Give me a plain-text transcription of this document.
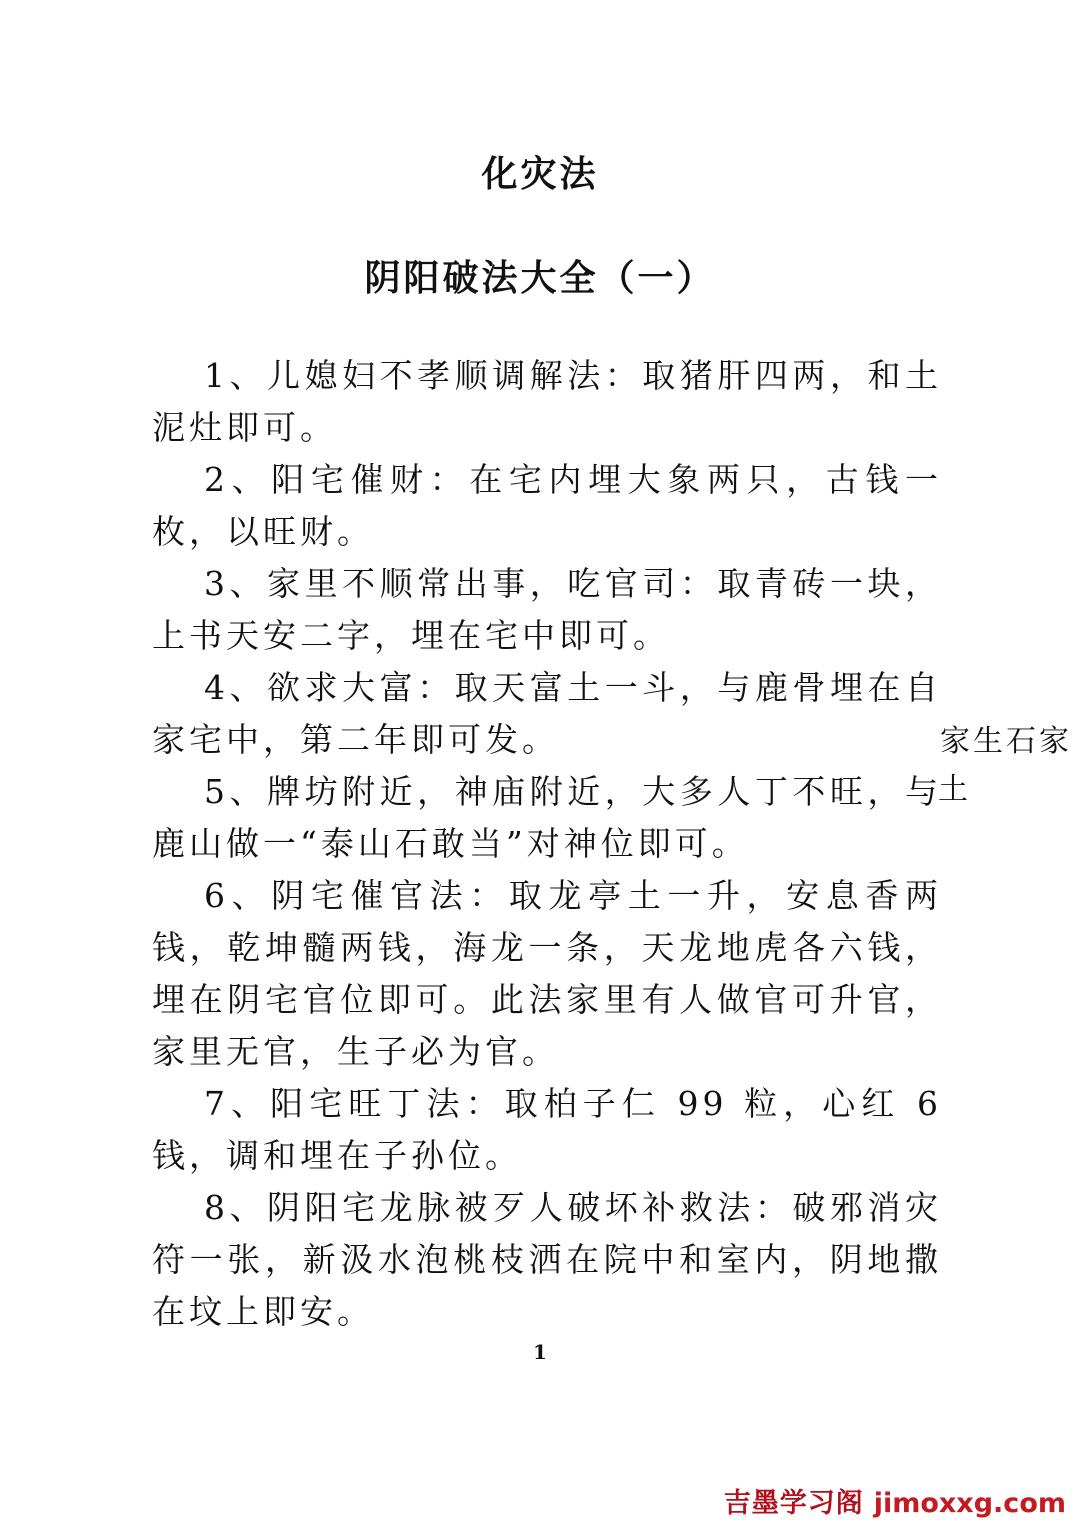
化灾法
阴阳破法大全（一）

1、儿媳妇不孝顺调解法：取猪肝四两，和土泥灶即可。

2、阳宅催财：在宅内埋大象两只，古钱一枚，以旺财。

3、家里不顺常出事，吃官司：取青砖一块，上书天安二字，埋在宅中即可。

4、欲求大富：取天富土一斗，与鹿骨埋在自家宅中，第二年即可发。

5、牌坊附近，神庙附近，大多人丁不旺，与鹿山做一“泰山石敢当”对神位即可。

6、阴宅催官法：取龙亭土一升，安息香两钱，乾坤髓两钱，海龙一条，天龙地虎各六钱，埋在阴宅官位即可。此法家里有人做官可升官，家里无官，生子必为官。

7、阳宅旺丁法：取柏子仁 99 粒，心红 6 钱，调和埋在子孙位。

8、阴阳宅龙脉被歹人破坏补救法：破邪消灾符一张，新汲水泡桃枝洒在院中和室内，阴地撒在坟上即安。

家生石家
土
1
吉墨学习阁 jimoxxg.com
